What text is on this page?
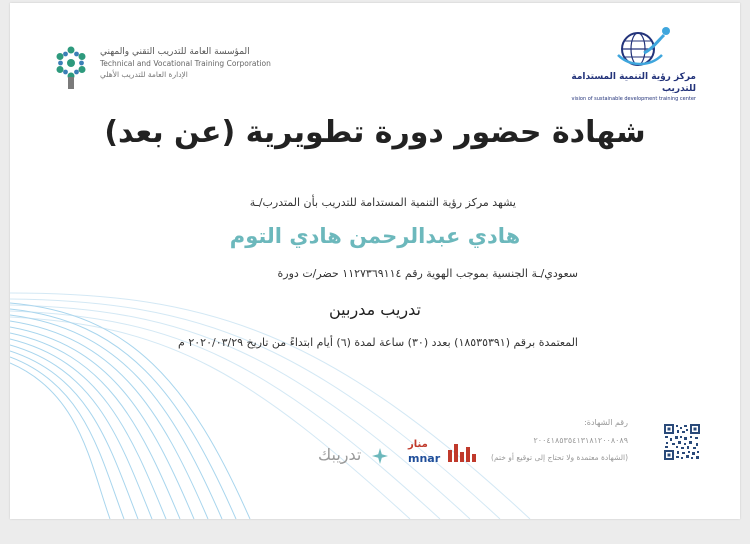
مركز رؤية التنمية المستدامة للتدريب
vision of sustainable development training center
المؤسسة العامة للتدريب التقني والمهني
Technical and Vocational Training Corporation
الإدارة العامة للتدريب الأهلي
شهادة حضور دورة تطويرية (عن بعد)
يشهد مركز رؤية التنمية المستدامة للتدريب بأن المتدرب/ـة
هادي عبدالرحمن هادي التوم
سعودي/ـة الجنسية بموجب الهوية رقم ١١٢٧٣٦٩١١٤ حضر/ت دورة
تدريب مدربين
المعتمدة برقم (١٨٥٣٥٣٩١) بعدد (٣٠) ساعة لمدة (٦) أيام ابتداءً من تاريخ ٢٠٢٠/٠٣/٢٩ م
رقم الشهادة:
٢٠٠٤١٨٥٣٥٤١٣١٨١٢٠٠٨٠٨٩
(الشهادة معتمدة ولا تحتاج إلى توقيع أو ختم)
تدريبك
منار
mnar
